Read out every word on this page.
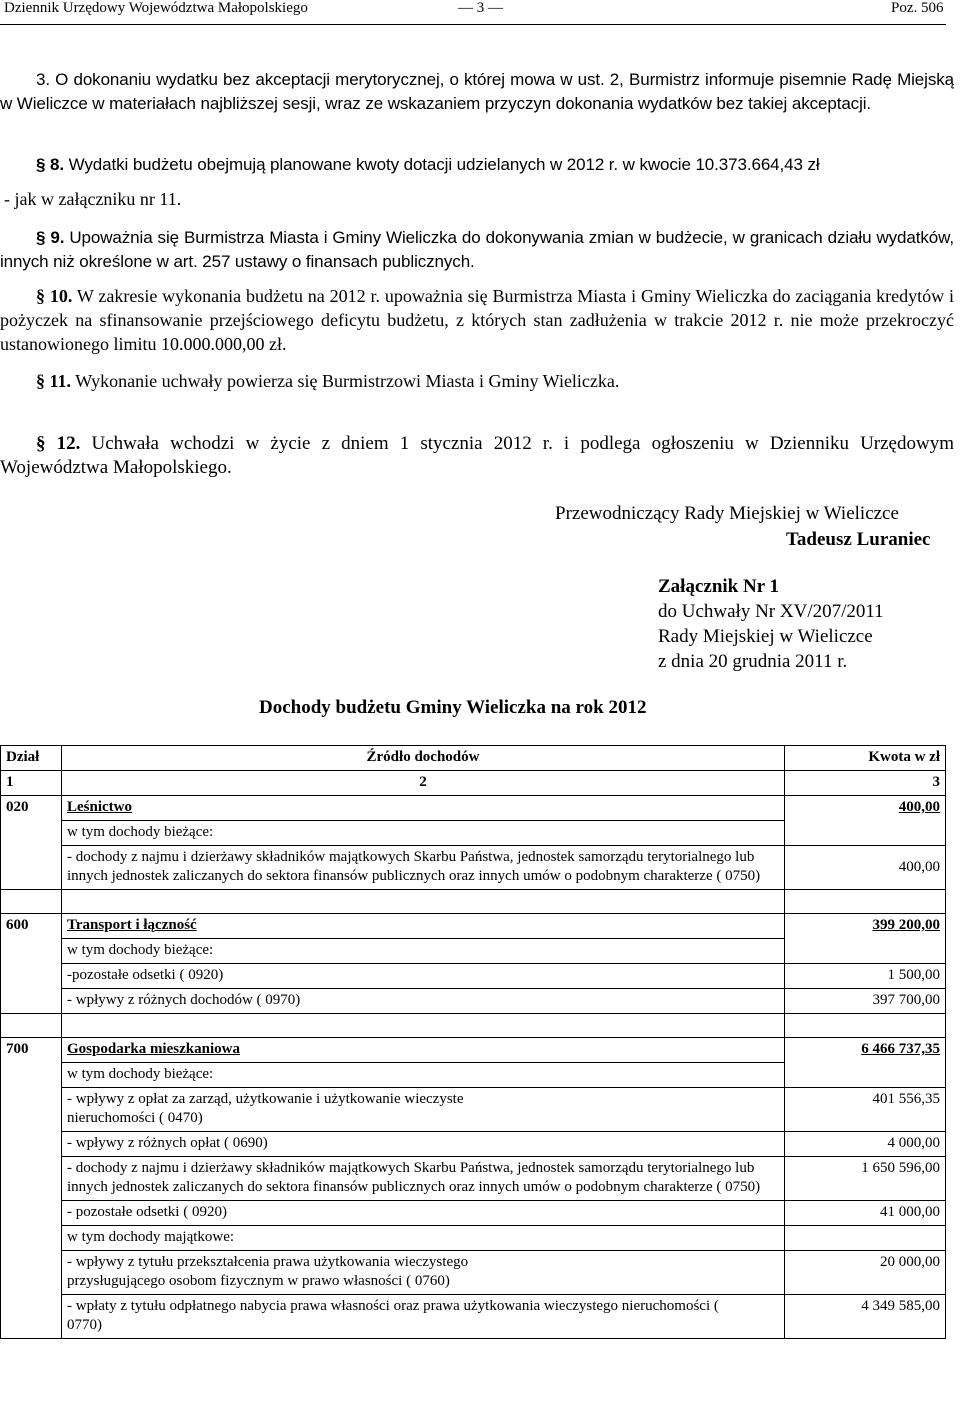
Dziennik Urzędowy Województwa Małopolskiego	— 3 —	Poz. 506
3. O dokonaniu wydatku bez akceptacji merytorycznej, o której mowa w ust. 2, Burmistrz informuje pisemnie Radę Miejską w Wieliczce w materiałach najbliższej sesji, wraz ze wskazaniem przyczyn dokonania wydatków bez takiej akceptacji.
§ 8. Wydatki budżetu obejmują planowane kwoty dotacji udzielanych w 2012 r. w kwocie 10.373.664,43 zł
- jak w załączniku nr 11.
§ 9. Upoważnia się Burmistrza Miasta i Gminy Wieliczka do dokonywania zmian w budżecie, w granicach działu wydatków, innych niż określone w art. 257 ustawy o finansach publicznych.
§ 10. W zakresie wykonania budżetu na 2012 r. upoważnia się Burmistrza Miasta i Gminy Wieliczka do zaciągania kredytów i pożyczek na sfinansowanie przejściowego deficytu budżetu, z których stan zadłużenia w trakcie 2012 r. nie może przekroczyć ustanowionego limitu 10.000.000,00 zł.
§ 11. Wykonanie uchwały powierza się Burmistrzowi Miasta i Gminy Wieliczka.
§ 12. Uchwała wchodzi w życie z dniem 1 stycznia 2012 r. i podlega ogłoszeniu w Dzienniku Urzędowym Województwa Małopolskiego.
Przewodniczący Rady Miejskiej w Wieliczce
Tadeusz Luraniec
Załącznik Nr 1
do Uchwały Nr XV/207/2011
Rady Miejskiej w Wieliczce
z dnia 20 grudnia 2011 r.
Dochody budżetu Gminy Wieliczka na rok 2012
Dział	Źródło dochodów	Kwota w zł
1	2	3
020	Leśnictwo	400,00
	w tym dochody bieżące:	
	- dochody z najmu i dzierżawy składników majątkowych Skarbu Państwa, jednostek samorządu terytorialnego lub innych jednostek zaliczanych do sektora finansów publicznych oraz innych umów o podobnym charakterze ( 0750)	400,00

600	Transport i łączność	399 200,00
	w tym dochody bieżące:	
	-pozostałe odsetki ( 0920)	1 500,00
	- wpływy z różnych dochodów ( 0970)	397 700,00

700	Gospodarka mieszkaniowa	6 466 737,35
	w tym dochody bieżące:	
	- wpływy z opłat za zarząd, użytkowanie i użytkowanie wieczyste nieruchomości ( 0470)	401 556,35
	- wpływy z różnych opłat ( 0690)	4 000,00
	- dochody z najmu i dzierżawy składników majątkowych Skarbu Państwa, jednostek samorządu terytorialnego lub innych jednostek zaliczanych do sektora finansów publicznych oraz innych umów o podobnym charakterze ( 0750)	1 650 596,00
	- pozostałe odsetki ( 0920)	41 000,00
	w tym dochody majątkowe:	
	- wpływy z tytułu przekształcenia prawa użytkowania wieczystego przysługującego osobom fizycznym w prawo własności ( 0760)	20 000,00
	- wpłaty z tytułu odpłatnego nabycia prawa własności oraz prawa użytkowania wieczystego nieruchomości ( 0770)	4 349 585,00
